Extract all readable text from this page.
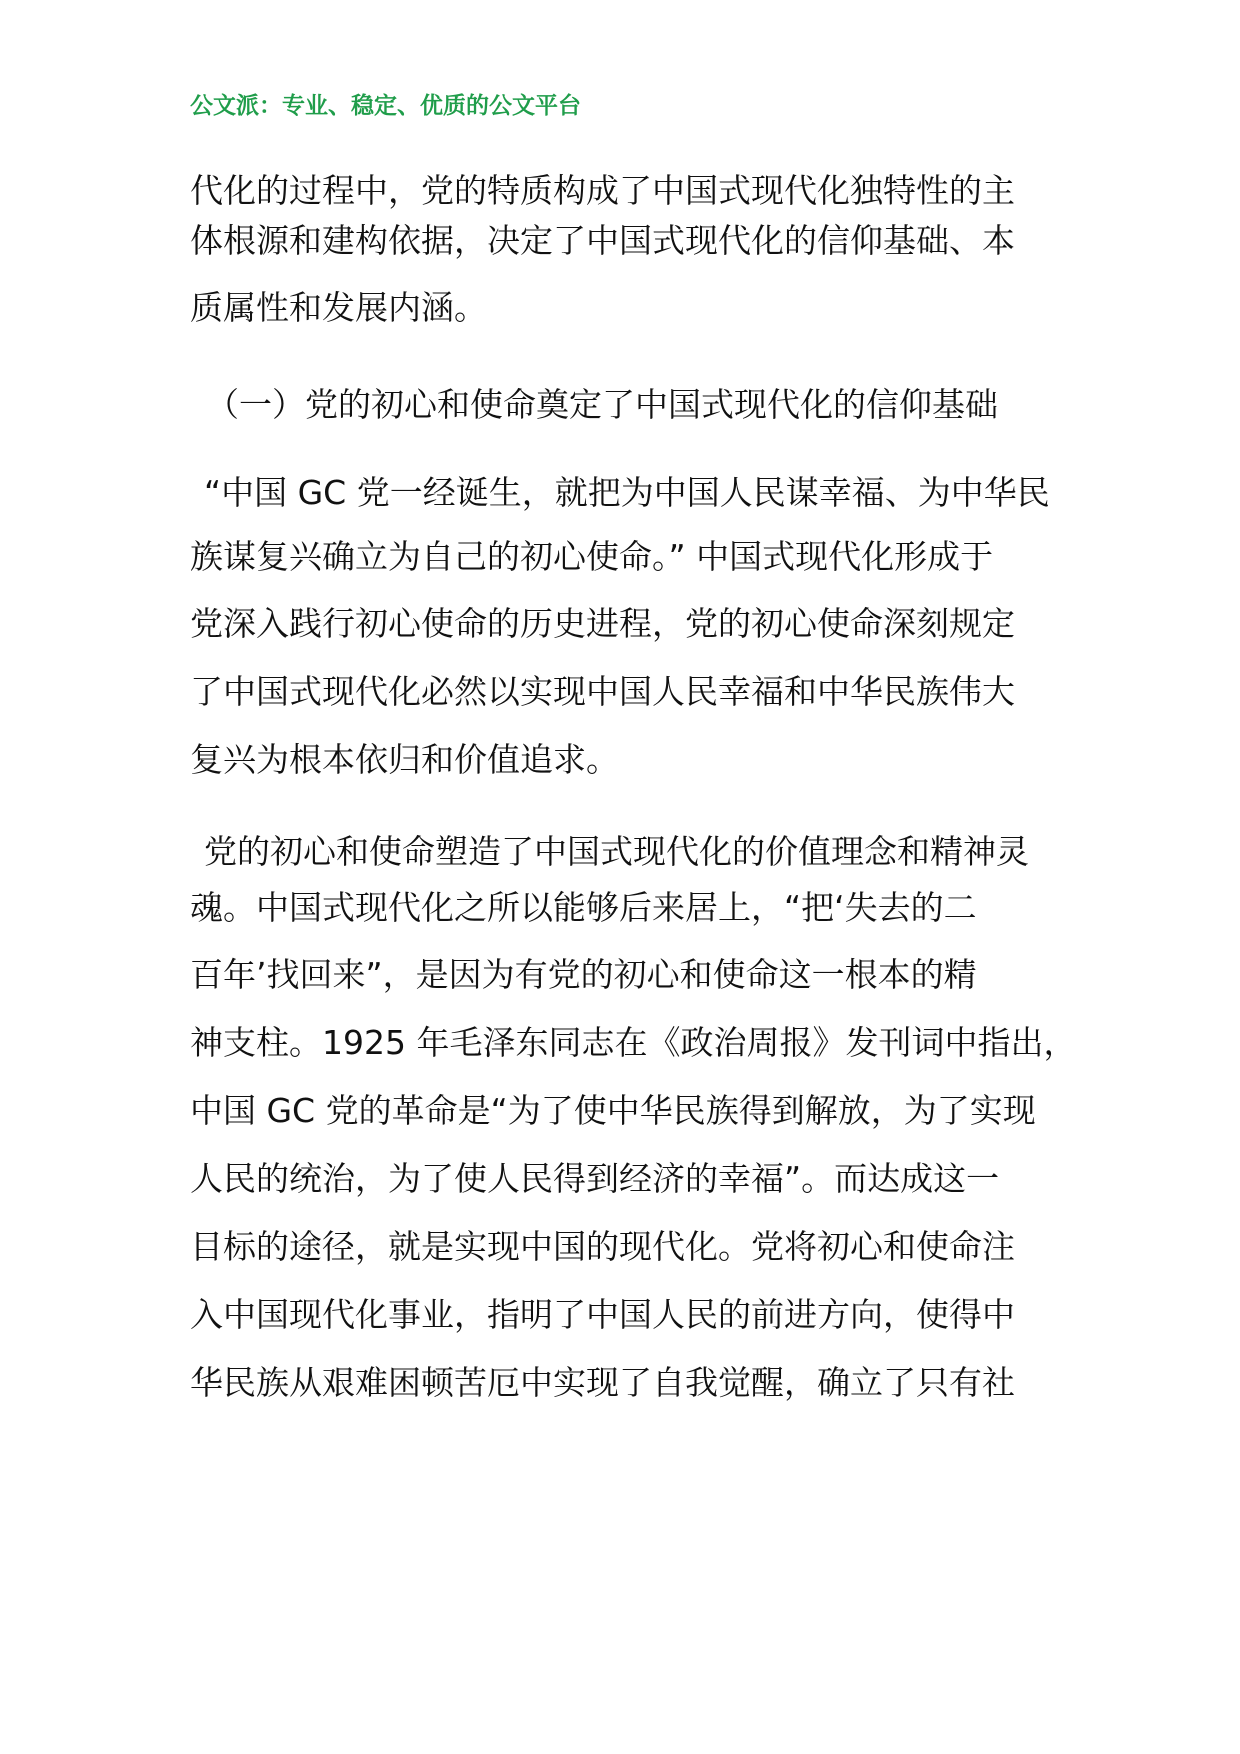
公文派：专业、稳定、优质的公文平台
代化的过程中，党的特质构成了中国式现代化独特性的主
体根源和建构依据，决定了中国式现代化的信仰基础、本
质属性和发展内涵。
（一）党的初心和使命奠定了中国式现代化的信仰基础
“中国 GC 党一经诞生，就把为中国人民谋幸福、为中华民
族谋复兴确立为自己的初心使命。” 中国式现代化形成于
党深入践行初心使命的历史进程，党的初心使命深刻规定
了中国式现代化必然以实现中国人民幸福和中华民族伟大
复兴为根本依归和价值追求。
党的初心和使命塑造了中国式现代化的价值理念和精神灵
魂。中国式现代化之所以能够后来居上，“把‘失去的二
百年’找回来”，是因为有党的初心和使命这一根本的精
神支柱。1925 年毛泽东同志在《政治周报》发刊词中指出，
中国 GC 党的革命是“为了使中华民族得到解放，为了实现
人民的统治，为了使人民得到经济的幸福”。而达成这一
目标的途径，就是实现中国的现代化。党将初心和使命注
入中国现代化事业，指明了中国人民的前进方向，使得中
华民族从艰难困顿苦厄中实现了自我觉醒，确立了只有社
